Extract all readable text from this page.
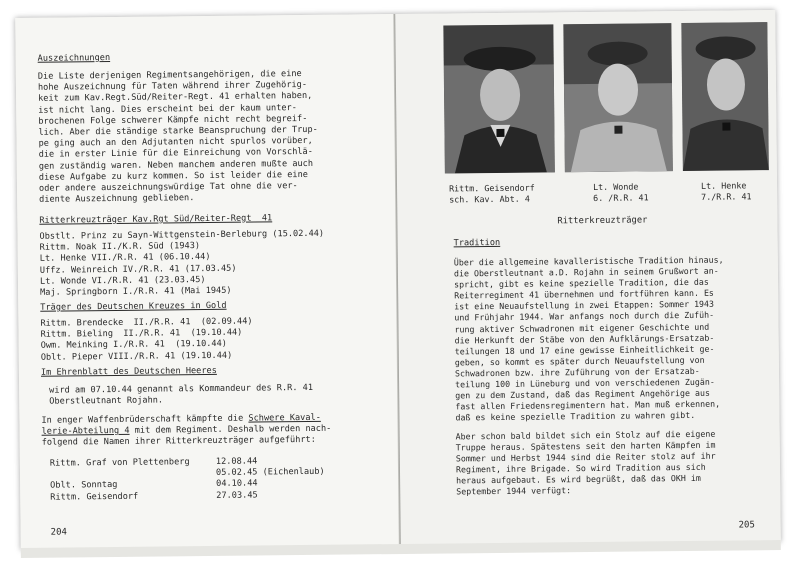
Auszeichnungen
Die Liste derjenigen Regimentsangehörigen, die eine
hohe Auszeichnung für Taten während ihrer Zugehörig-
keit zum Kav.Regt.Süd/Reiter-Regt. 41 erhalten haben,
ist nicht lang. Dies erscheint bei der kaum unter-
brochenen Folge schwerer Kämpfe nicht recht begreif-
lich. Aber die ständige starke Beanspruchung der Trup-
pe ging auch an den Adjutanten nicht spurlos vorüber,
die in erster Linie für die Einreichung von Vorschlä-
gen zuständig waren. Neben manchem anderen mußte auch
diese Aufgabe zu kurz kommen. So ist leider die eine
oder andere auszeichnungswürdige Tat ohne die ver-
diente Auszeichnung geblieben.
Ritterkreuzträger Kav.Rgt Süd/Reiter-Regt  41
Obstlt. Prinz zu Sayn-Wittgenstein-Berleburg (15.02.44)
Rittm. Noak II./K.R. Süd (1943)
Lt. Henke VII./R.R. 41 (06.10.44)
Uffz. Weinreich IV./R.R. 41 (17.03.45)
Lt. Wonde VI./R.R. 41 (23.03.45)
Maj. Springborn I./R.R. 41 (Mai 1945)
Träger des Deutschen Kreuzes in Gold
Rittm. Brendecke  II./R.R. 41  (02.09.44)
Rittm. Bieling  II./R.R. 41  (19.10.44)
Owm. Meinking I./R.R. 41  (19.10.44)
Oblt. Pieper VIII./R.R. 41 (19.10.44)
Im Ehrenblatt des Deutschen Heeres
wird am 07.10.44 genannt als Kommandeur des R.R. 41
Oberstleutnant Rojahn.
In enger Waffenbrüderschaft kämpfte die Schwere Kaval-
lerie-Abteilung 4 mit dem Regiment. Deshalb werden nach-
folgend die Namen ihrer Ritterkreuzträger aufgeführt:
Rittm. Graf von Plettenberg

Oblt. Sonntag
Rittm. Geisendorf
12.08.44
05.02.45 (Eichenlaub)
04.10.44
27.03.45
204
Rittm. Geisendorf
sch. Kav. Abt. 4
Lt. Wonde
6. /R.R. 41
Lt. Henke
7./R.R. 41
Ritterkreuzträger
Tradition
Über die allgemeine kavalleristische Tradition hinaus,
die Oberstleutnant a.D. Rojahn in seinem Grußwort an-
spricht, gibt es keine spezielle Tradition, die das
Reiterregiment 41 übernehmen und fortführen kann. Es
ist eine Neuaufstellung in zwei Etappen: Sommer 1943
und Frühjahr 1944. War anfangs noch durch die Zufüh-
rung aktiver Schwadronen mit eigener Geschichte und
die Herkunft der Stäbe von den Aufklärungs-Ersatzab-
teilungen 18 und 17 eine gewisse Einheitlichkeit ge-
geben, so kommt es später durch Neuaufstellung von
Schwadronen bzw. ihre Zuführung von der Ersatzab-
teilung 100 in Lüneburg und von verschiedenen Zugän-
gen zu dem Zustand, daß das Regiment Angehörige aus
fast allen Friedensregimentern hat. Man muß erkennen,
daß es keine spezielle Tradition zu wahren gibt.
Aber schon bald bildet sich ein Stolz auf die eigene
Truppe heraus. Spätestens seit den harten Kämpfen im
Sommer und Herbst 1944 sind die Reiter stolz auf ihr
Regiment, ihre Brigade. So wird Tradition aus sich
heraus aufgebaut. Es wird begrüßt, daß das OKH im
September 1944 verfügt:
205
